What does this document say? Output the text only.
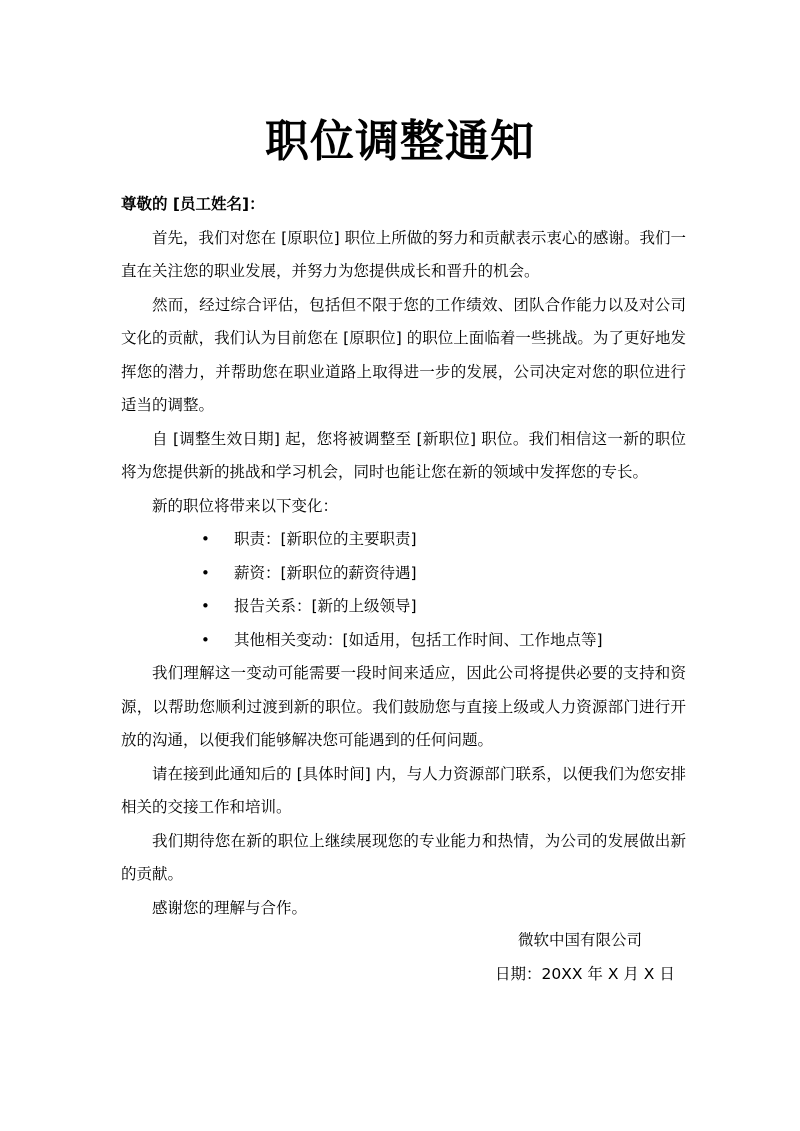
职位调整通知

尊敬的 [员工姓名]：

首先，我们对您在 [原职位] 职位上所做的努力和贡献表示衷心的感谢。我们一直在关注您的职业发展，并努力为您提供成长和晋升的机会。

然而，经过综合评估，包括但不限于您的工作绩效、团队合作能力以及对公司文化的贡献，我们认为目前您在 [原职位] 的职位上面临着一些挑战。为了更好地发挥您的潜力，并帮助您在职业道路上取得进一步的发展，公司决定对您的职位进行适当的调整。

自 [调整生效日期] 起，您将被调整至 [新职位] 职位。我们相信这一新的职位将为您提供新的挑战和学习机会，同时也能让您在新的领域中发挥您的专长。

新的职位将带来以下变化：

• 职责：[新职位的主要职责]
• 薪资：[新职位的薪资待遇]
• 报告关系：[新的上级领导]
• 其他相关变动：[如适用，包括工作时间、工作地点等]

我们理解这一变动可能需要一段时间来适应，因此公司将提供必要的支持和资源，以帮助您顺利过渡到新的职位。我们鼓励您与直接上级或人力资源部门进行开放的沟通，以便我们能够解决您可能遇到的任何问题。

请在接到此通知后的 [具体时间] 内，与人力资源部门联系，以便我们为您安排相关的交接工作和培训。

我们期待您在新的职位上继续展现您的专业能力和热情，为公司的发展做出新的贡献。

感谢您的理解与合作。

微软中国有限公司
日期：20XX 年 X 月 X 日
